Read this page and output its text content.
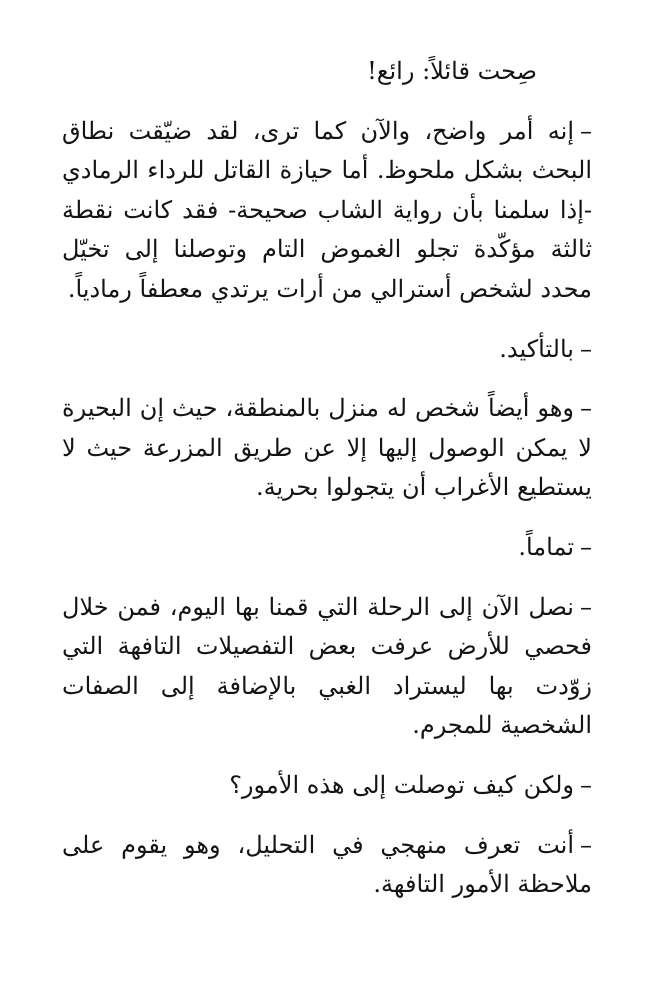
صِحت قائلاً: رائع!

–إنه أمر واضح، والآن كما ترى، لقد ضيّقت نطاق البحث بشكل ملحوظ. أما حيازة القاتل للرداء الرمادي -إذا سلمنا بأن رواية الشاب صحيحة- فقد كانت نقطة ثالثة مؤكّدة تجلو الغموض التام وتوصلنا إلى تخيّل محدد لشخص أسترالي من أرات يرتدي معطفاً رمادياً.

–بالتأكيد.

–وهو أيضاً شخص له منزل بالمنطقة، حيث إن البحيرة لا يمكن الوصول إليها إلا عن طريق المزرعة حيث لا يستطيع الأغراب أن يتجولوا بحرية.

–تماماً.

–نصل الآن إلى الرحلة التي قمنا بها اليوم، فمن خلال فحصي للأرض عرفت بعض التفصيلات التافهة التي زوّدت بها ليستراد الغبي بالإضافة إلى الصفات الشخصية للمجرم.

–ولكن كيف توصلت إلى هذه الأمور؟

–أنت تعرف منهجي في التحليل، وهو يقوم على ملاحظة الأمور التافهة.
